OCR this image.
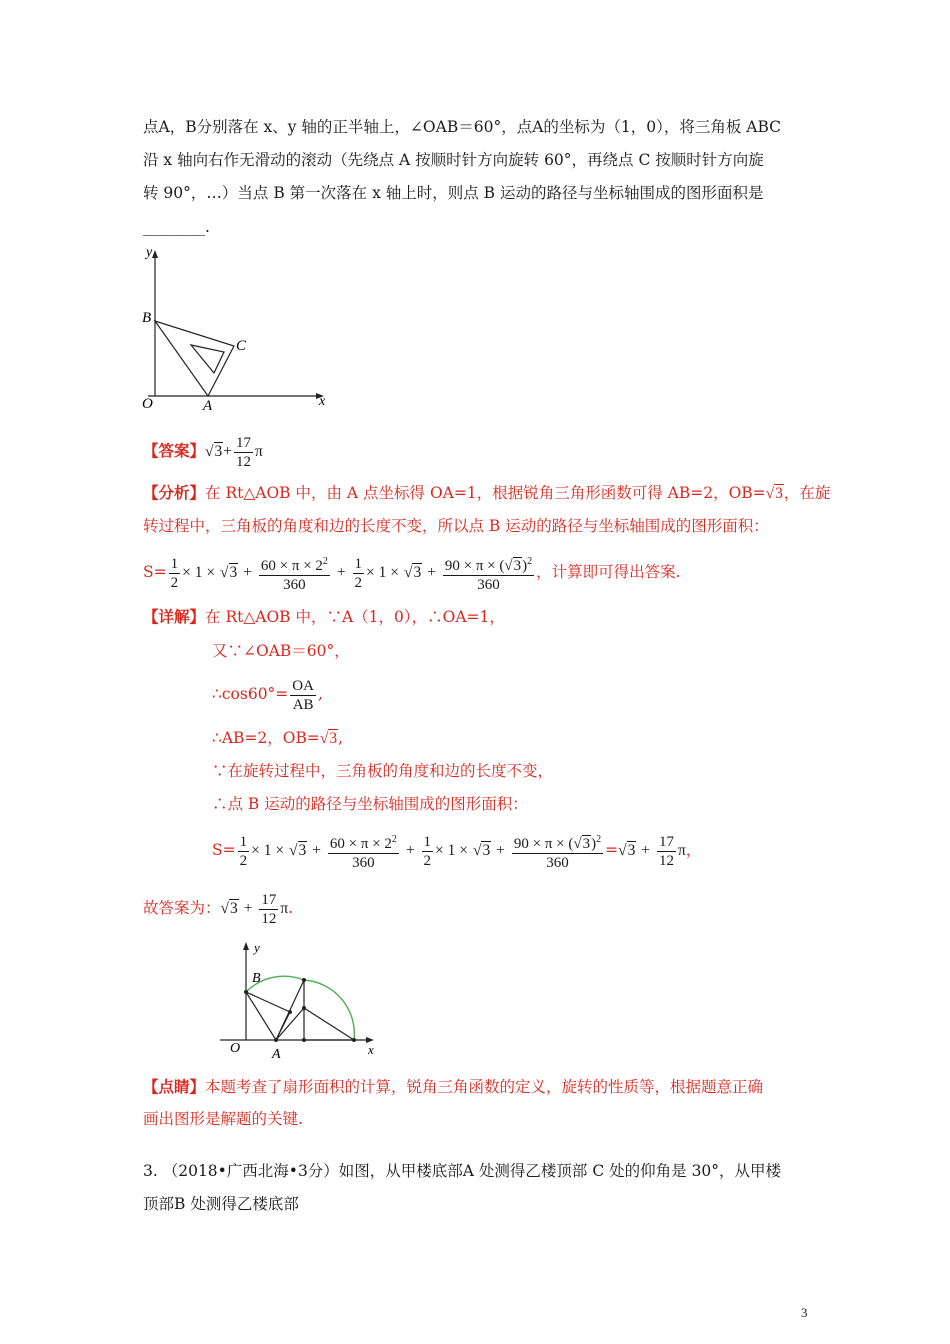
点A，B分别落在 x、y 轴的正半轴上，∠OAB＝60°，点A的坐标为（1，0），将三角板 ABC
沿 x 轴向右作无滑动的滚动（先绕点 A 按顺时针方向旋转 60°，再绕点 C 按顺时针方向旋
转 90°，…）当点 B 第一次落在 x 轴上时，则点 B 运动的路径与坐标轴围成的图形面积是
________.
y
x
O	A
B
C
【答案】$√3+ \frac{17}{12}$ π
【分析】在 Rt△AOB 中，由 A 点坐标得 OA=1，根据锐角三角形函数可得 AB=2，OB=√3，在旋
转过程中，三角板的角度和边的长度不变，所以点 B 运动的路径与坐标轴围成的图形面积：
$S= \frac{1}{2} \times 1 \times √3 + \frac{60 \times \pi \times 2^2}{360} + \frac{1}{2} \times 1 \times √3 + \frac{90 \times \pi \times (√3)^2}{360}$ ，计算即可得出答案.
【详解】在 Rt△AOB 中，∵A（1，0），∴OA=1，
又∵∠OAB＝60°，
∴cos60°= $\frac{OA}{AB}$ ,
∴AB=2，OB=√3,
∵在旋转过程中，三角板的角度和边的长度不变，
∴点 B 运动的路径与坐标轴围成的图形面积：
$S= \frac{1}{2} \times 1 \times √3 + \frac{60 \times \pi \times 2^2}{360} + \frac{1}{2} \times 1 \times √3 + \frac{90 \times \pi \times (√3)^2}{360} =√3 + \frac{17}{12}$ π，
故答案为：$√3 + \frac{17}{12} \pi$.
y
x
O A
B
【点睛】本题考查了扇形面积的计算，锐角三角函数的定义，旋转的性质等，根据题意正确
画出图形是解题的关键.
3. （2018•广西北海•3分）如图，从甲楼底部A 处测得乙楼顶部 C 处的仰角是 30°，从甲楼
顶部B 处测得乙楼底部
3
